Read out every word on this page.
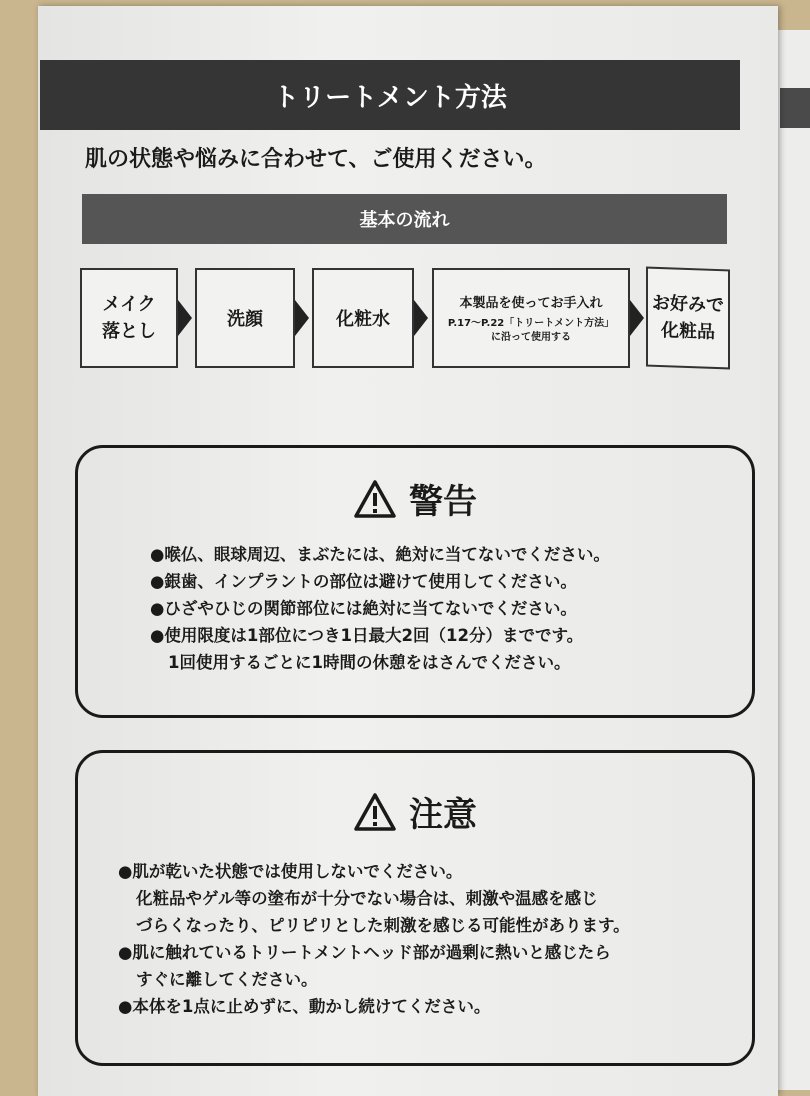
トリートメント方法
肌の状態や悩みに合わせて、ご使用ください。
基本の流れ
メイク
落とし
洗顔	化粧水
本製品を使ってお手入れ
P.17～P.22「トリートメント方法」
に沿って使用する
お好みで
化粧品
警告
●喉仏、眼球周辺、まぶたには、絶対に当てないでください。
●銀歯、インプラントの部位は避けて使用してください。
●ひざやひじの関節部位には絶対に当てないでください。
●使用限度は1部位につき1日最大2回（12分）までです。
1回使用するごとに1時間の休憩をはさんでください。
注意
●肌が乾いた状態では使用しないでください。
化粧品やゲル等の塗布が十分でない場合は、刺激や温感を感じ
づらくなったり、ピリピリとした刺激を感じる可能性があります。
●肌に触れているトリートメントヘッド部が過剰に熱いと感じたら
すぐに離してください。
●本体を1点に止めずに、動かし続けてください。
